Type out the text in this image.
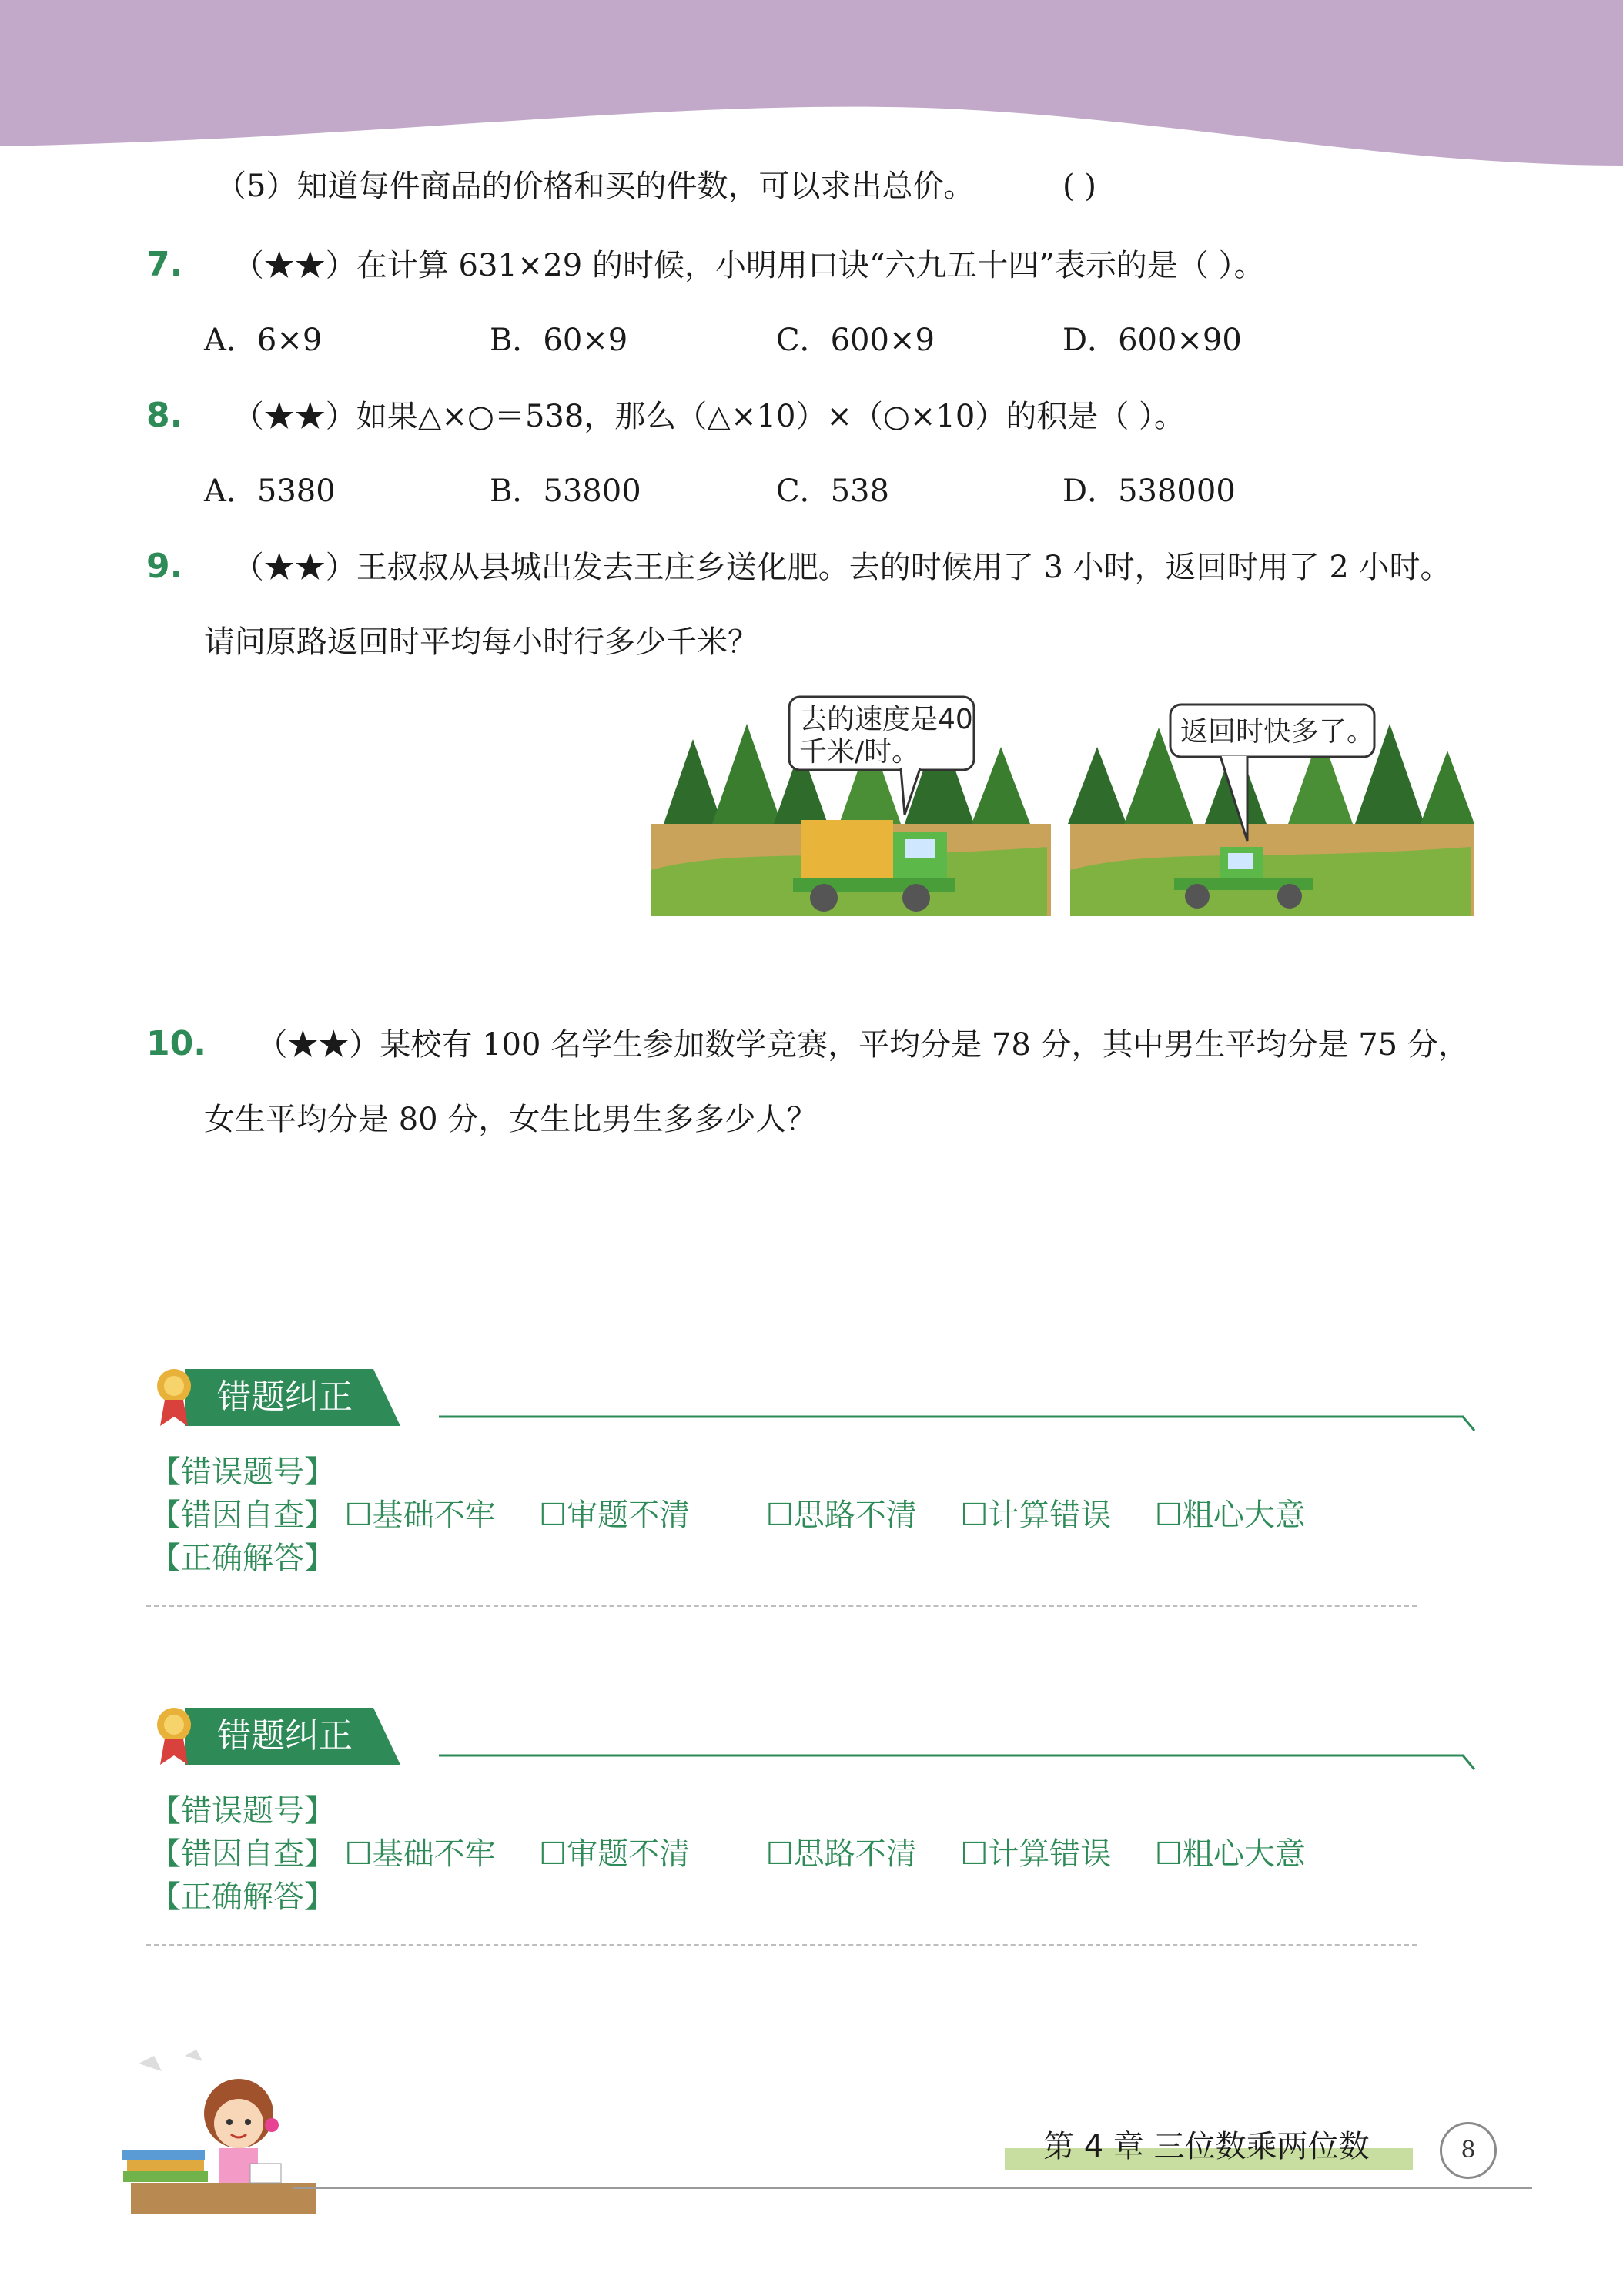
（5）知道每件商品的价格和买的件数，可以求出总价。	( )
7. （★★）在计算 631×29 的时候，小明用口诀“六九五十四”表示的是（ ）。
A．6×9	B．60×9	C．600×9	D．600×90
8. （★★）如果△×○＝538，那么（△×10）×（○×10）的积是（ ）。
A．5380	B．53800	C．538	D．538000
9. （★★）王叔叔从县城出发去王庄乡送化肥。去的时候用了 3 小时，返回时用了 2 小时。
请问原路返回时平均每小时行多少千米？
去的速度是40
千米/时。
返回时快多了。
10. （★★）某校有 100 名学生参加数学竞赛，平均分是 78 分，其中男生平均分是 75 分，
女生平均分是 80 分，女生比男生多多少人？
错题纠正
【错误题号】
【错因自查】 ☐基础不牢 ☐审题不清 ☐思路不清 ☐计算错误 ☐粗心大意
【正确解答】
错题纠正
【错误题号】
【错因自查】 ☐基础不牢 ☐审题不清 ☐思路不清 ☐计算错误 ☐粗心大意
【正确解答】
第 4 章 三位数乘两位数	8
